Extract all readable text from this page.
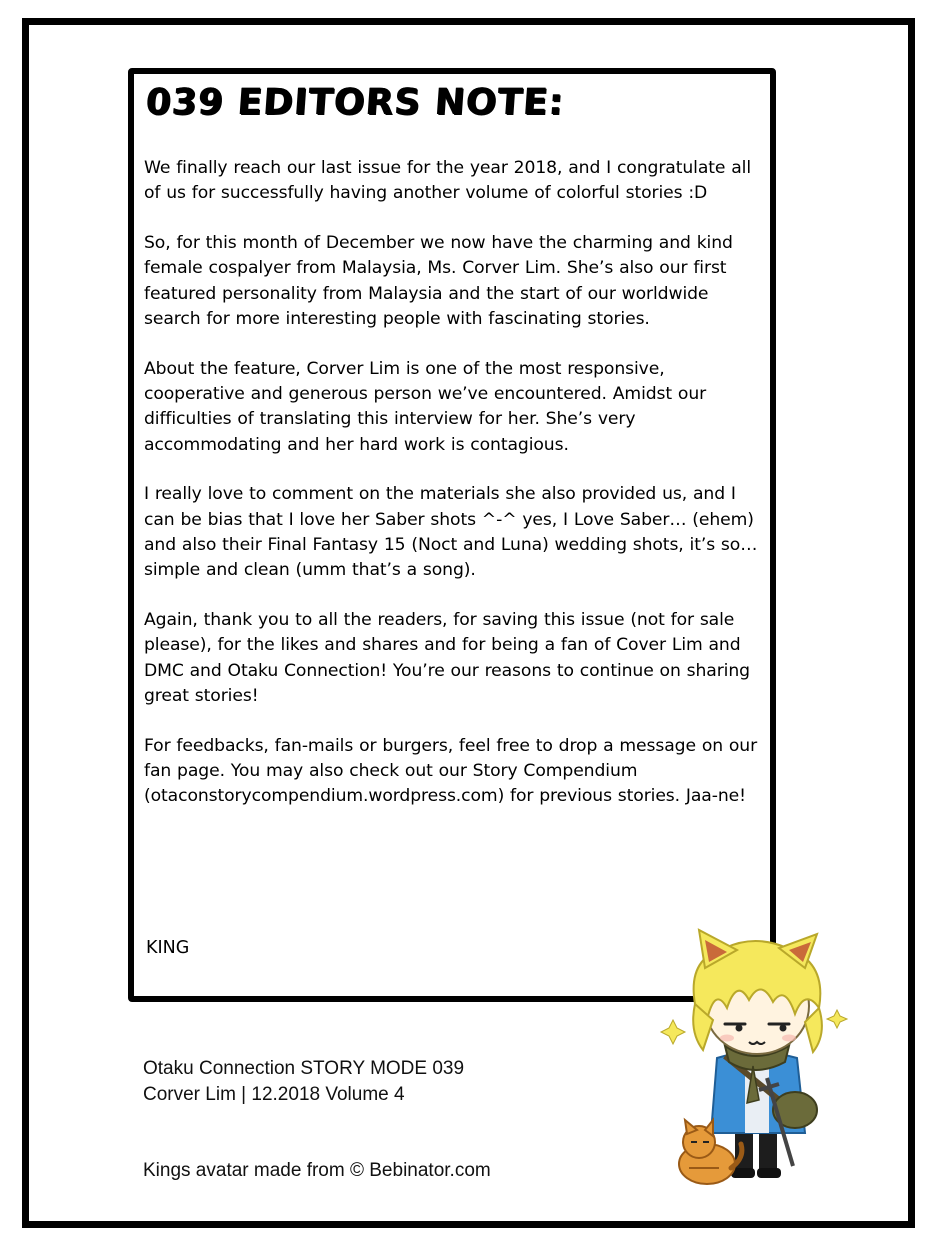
039 EDITORS NOTE:

We finally reach our last issue for the year 2018, and I congratulate all of us for successfully having another volume of colorful stories :D

So, for this month of December we now have the charming and kind female cospalyer from Malaysia, Ms. Corver Lim. She’s also our first featured personality from Malaysia and the start of our worldwide search for more interesting people with fascinating stories.

About the feature, Corver Lim is one of the most responsive, cooperative and generous person we’ve encountered. Amidst our difficulties of translating this interview for her. She’s very accommodating and her hard work is contagious.

I really love to comment on the materials she also provided us, and I can be bias that I love her Saber shots ^-^ yes, I Love Saber… (ehem) and also their Final Fantasy 15 (Noct and Luna) wedding shots, it’s so… simple and clean (umm that’s a song).

Again, thank you to all the readers, for saving this issue (not for sale please), for the likes and shares and for being a fan of Cover Lim and DMC and Otaku Connection! You’re our reasons to continue on sharing great stories!

For feedbacks, fan-mails or burgers, feel free to drop a message on our fan page. You may also check out our Story Compendium (otaconstorycompendium.wordpress.com) for previous stories. Jaa-ne!

KING

Otaku Connection STORY MODE 039

Corver Lim | 12.2018 Volume 4

Kings avatar made from © Bebinator.com
